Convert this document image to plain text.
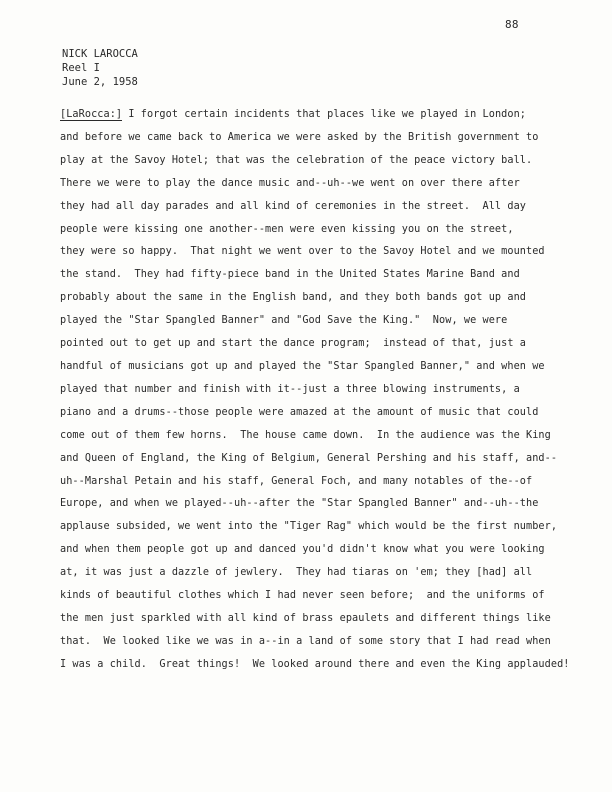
88
NICK LAROCCA
Reel I
June 2, 1958
[LaRocca:] I forgot certain incidents that places like we played in London;
and before we came back to America we were asked by the British government to
play at the Savoy Hotel; that was the celebration of the peace victory ball.
There we were to play the dance music and--uh--we went on over there after
they had all day parades and all kind of ceremonies in the street.  All day
people were kissing one another--men were even kissing you on the street,
they were so happy.  That night we went over to the Savoy Hotel and we mounted
the stand.  They had fifty-piece band in the United States Marine Band and
probably about the same in the English band, and they both bands got up and
played the "Star Spangled Banner" and "God Save the King."  Now, we were
pointed out to get up and start the dance program;  instead of that, just a
handful of musicians got up and played the "Star Spangled Banner," and when we
played that number and finish with it--just a three blowing instruments, a
piano and a drums--those people were amazed at the amount of music that could
come out of them few horns.  The house came down.  In the audience was the King
and Queen of England, the King of Belgium, General Pershing and his staff, and--
uh--Marshal Petain and his staff, General Foch, and many notables of the--of
Europe, and when we played--uh--after the "Star Spangled Banner" and--uh--the
applause subsided, we went into the "Tiger Rag" which would be the first number,
and when them people got up and danced you'd didn't know what you were looking
at, it was just a dazzle of jewlery.  They had tiaras on 'em; they [had] all
kinds of beautiful clothes which I had never seen before;  and the uniforms of
the men just sparkled with all kind of brass epaulets and different things like
that.  We looked like we was in a--in a land of some story that I had read when
I was a child.  Great things!  We looked around there and even the King applauded!
